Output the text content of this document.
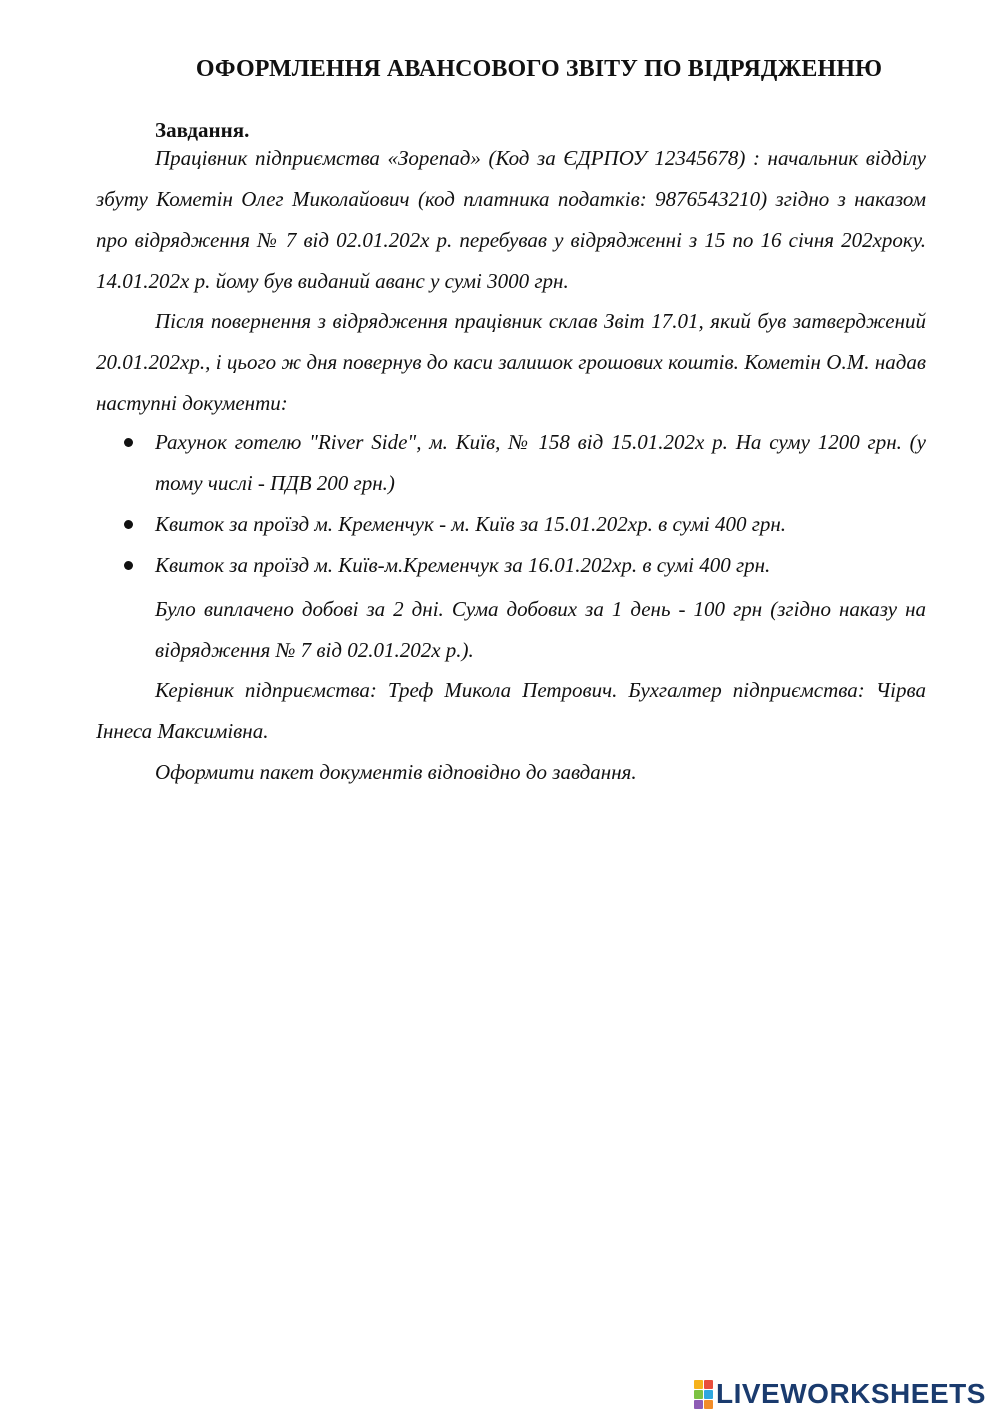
ОФОРМЛЕННЯ АВАНСОВОГО ЗВІТУ ПО ВІДРЯДЖЕННЮ
Завдання.

Працівник підприємства «Зорепад» (Код за ЄДРПОУ 12345678) : начальник відділу збуту Кометін Олег Миколайович (код платника податків: 9876543210) згідно з наказом про відрядження № 7 від 02.01.202х р. перебував у відрядженні з 15 по 16 січня 202хроку. 14.01.202х р. йому був виданий аванс у сумі 3000 грн.

Після повернення з відрядження працівник склав Звіт 17.01, який був затверджений 20.01.202хр., і цього ж дня повернув до каси залишок грошових коштів. Кометін О.М. надав наступні документи:

Рахунок готелю "River Side", м. Київ, № 158 від 15.01.202х р. На суму 1200 грн. (у тому числі - ПДВ 200 грн.)
Квиток за проїзд м. Кременчук - м. Київ за 15.01.202хр. в сумі 400 грн.
Квиток за проїзд м. Київ-м.Кременчук за 16.01.202хр. в сумі 400 грн.

Було виплачено добові за 2 дні. Сума добових за 1 день - 100 грн (згідно наказу на відрядження № 7 від 02.01.202х р.).

Керівник підприємства: Треф Микола Петрович. Бухгалтер підприємства: Чірва Іннеса Максимівна.

Оформити пакет документів відповідно до завдання.

LIVEWORKSHEETS
